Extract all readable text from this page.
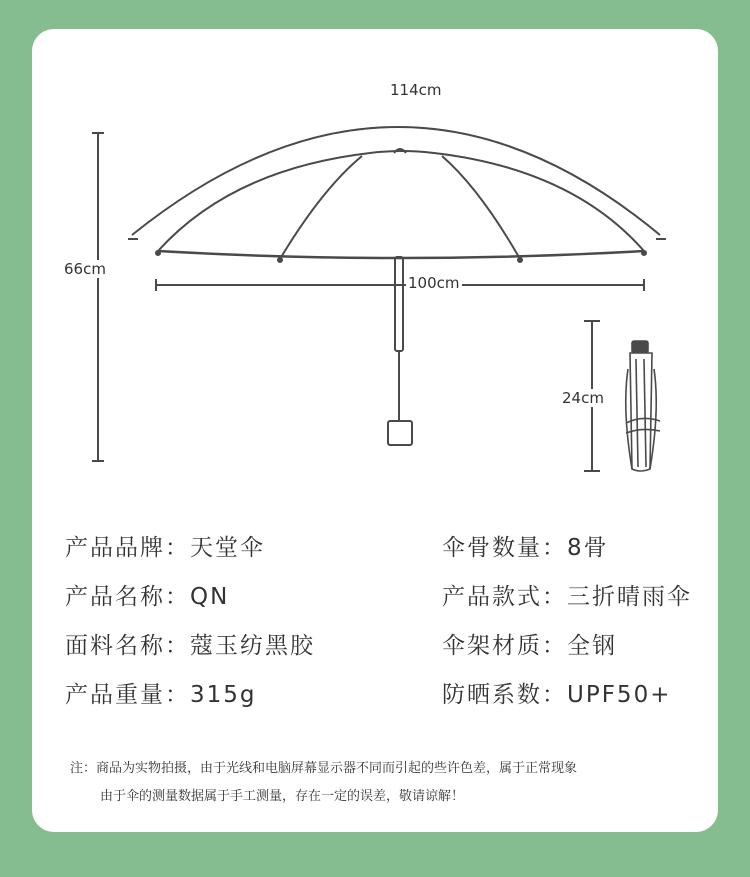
114cm
66cm
100cm
24cm
产品品牌：天堂伞	伞骨数量：8骨
产品名称：QN	产品款式：三折晴雨伞
面料名称：蔻玉纺黑胶	伞架材质：全钢
产品重量：315g	防晒系数：UPF50+
注：商品为实物拍摄，由于光线和电脑屏幕显示器不同而引起的些许色差，属于正常现象
由于伞的测量数据属于手工测量，存在一定的误差，敬请谅解！
